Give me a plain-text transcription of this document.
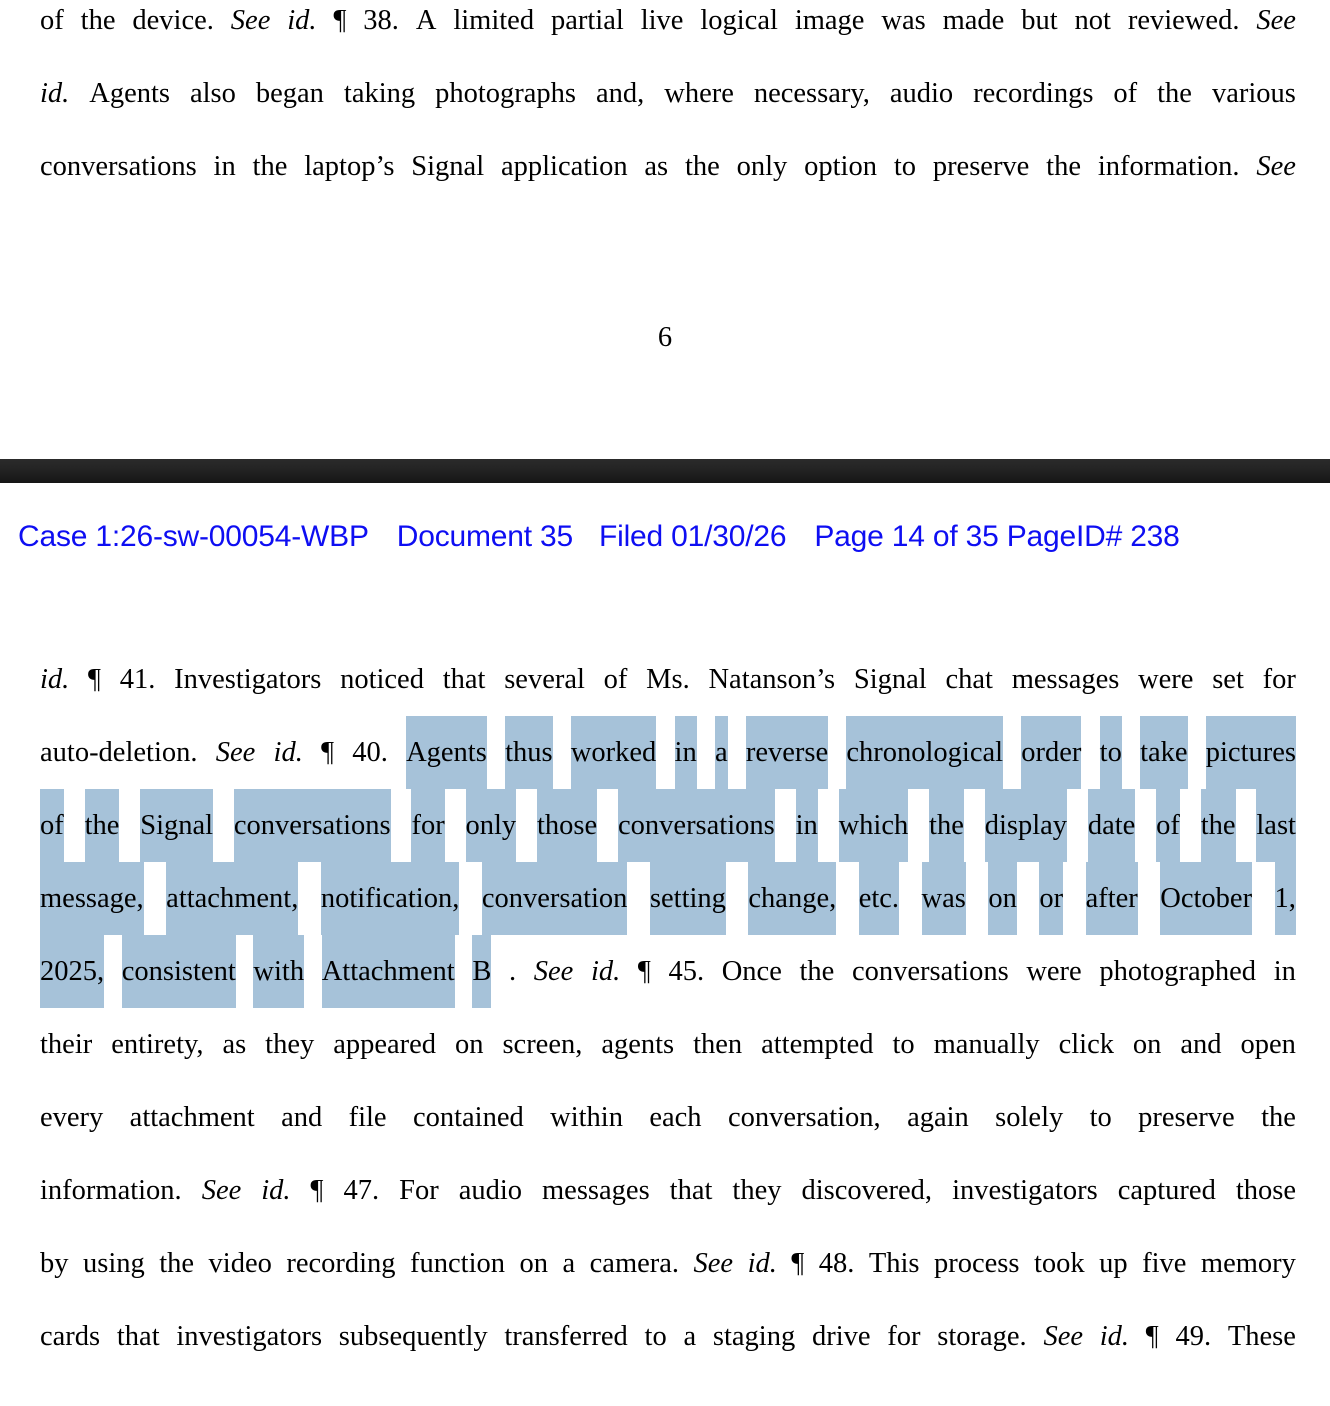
of the device. See id. ¶ 38. A limited partial live logical image was made but not reviewed. See
id. Agents also began taking photographs and, where necessary, audio recordings of the various
conversations in the laptop’s Signal application as the only option to preserve the information. See

6
Case 1:26-sw-00054-WBP Document 35 Filed 01/30/26 Page 14 of 35 PageID# 238

id. ¶ 41. Investigators noticed that several of Ms. Natanson’s Signal chat messages were set for
auto-deletion. See id. ¶ 40. Agents thus worked in a reverse chronological order to take pictures
of the Signal conversations for only those conversations in which the display date of the last
message, attachment, notification, conversation setting change, etc. was on or after October 1,
2025, consistent with Attachment B . See id. ¶ 45. Once the conversations were photographed in
their entirety, as they appeared on screen, agents then attempted to manually click on and open
every attachment and file contained within each conversation, again solely to preserve the
information. See id. ¶ 47. For audio messages that they discovered, investigators captured those
by using the video recording function on a camera. See id. ¶ 48. This process took up five memory
cards that investigators subsequently transferred to a staging drive for storage. See id. ¶ 49. These
